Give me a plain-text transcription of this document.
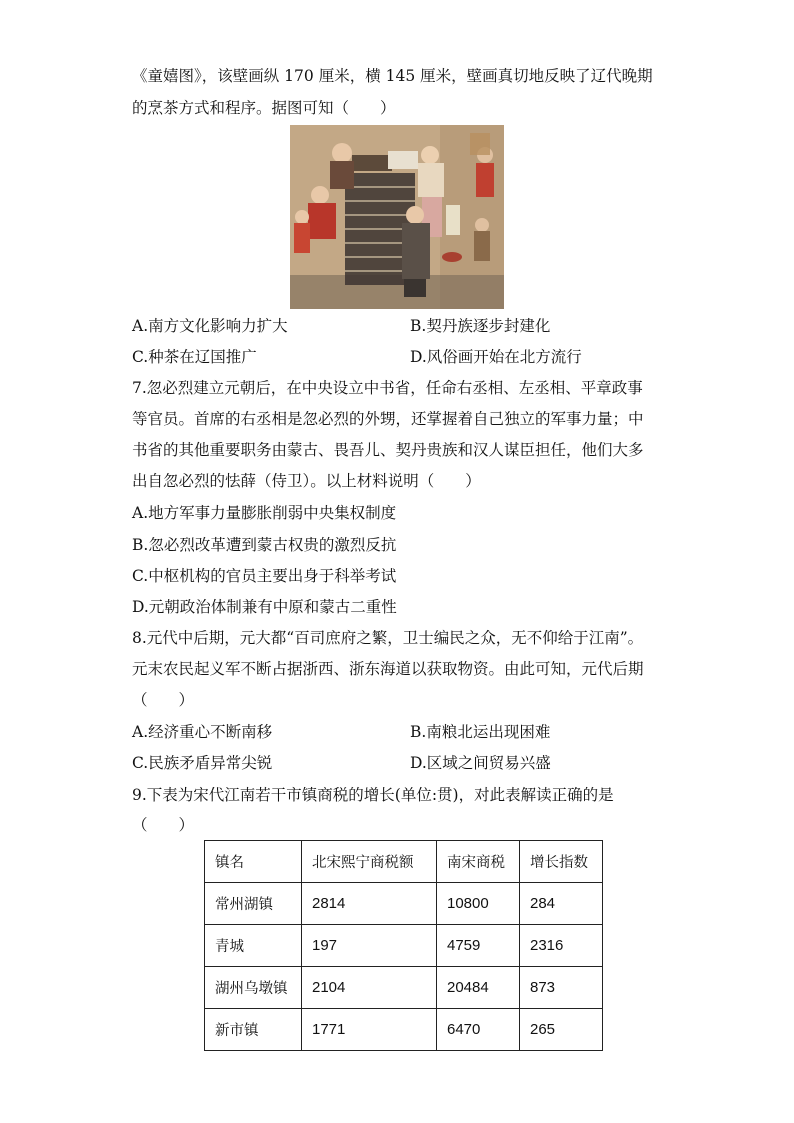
《童嬉图》，该壁画纵 170 厘米，横 145 厘米，壁画真切地反映了辽代晚期
的烹茶方式和程序。据图可知（　　）
A.南方文化影响力扩大	B.契丹族逐步封建化
C.种茶在辽国推广	D.风俗画开始在北方流行
7.忽必烈建立元朝后，在中央设立中书省，任命右丞相、左丞相、平章政事
等官员。首席的右丞相是忽必烈的外甥，还掌握着自己独立的军事力量；中
书省的其他重要职务由蒙古、畏吾儿、契丹贵族和汉人谋臣担任，他们大多
出自忽必烈的怯薛（侍卫）。以上材料说明（　　）
A.地方军事力量膨胀削弱中央集权制度
B.忽必烈改革遭到蒙古权贵的激烈反抗
C.中枢机构的官员主要出身于科举考试
D.元朝政治体制兼有中原和蒙古二重性
8.元代中后期，元大都“百司庶府之繁，卫士编民之众，无不仰给于江南”。
元末农民起义军不断占据浙西、浙东海道以获取物资。由此可知，元代后期
（　　）
A.经济重心不断南移	B.南粮北运出现困难
C.民族矛盾异常尖锐	D.区域之间贸易兴盛
9.下表为宋代江南若干市镇商税的增长(单位:贯)，对此表解读正确的是
（　　）
镇名	北宋熙宁商税额	南宋商税	增长指数
常州湖镇	2814	10800	284
青城	197	4759	2316
湖州乌墩镇	2104	20484	873
新市镇	1771	6470	265
